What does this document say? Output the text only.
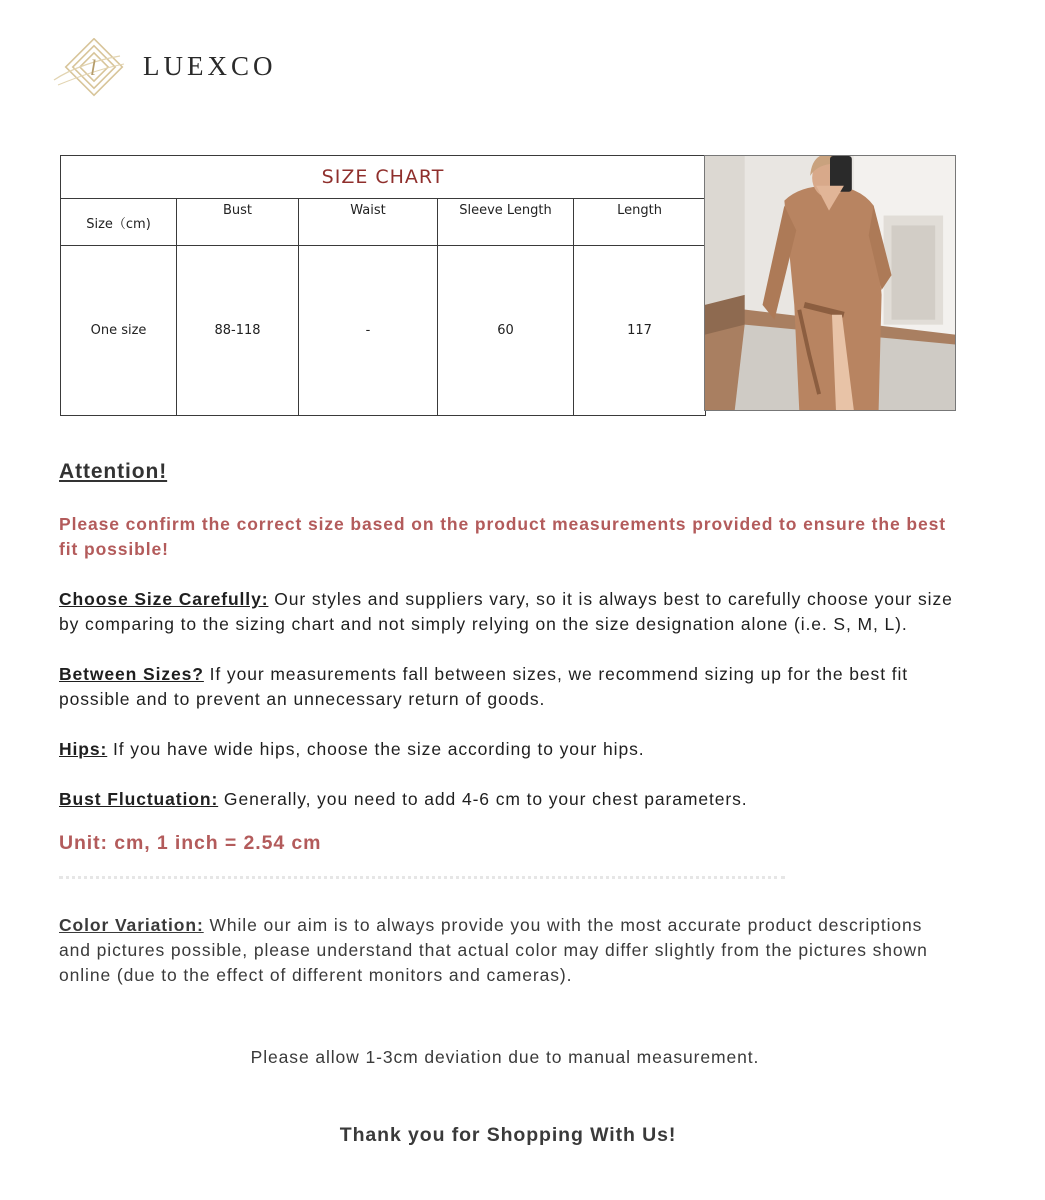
l LUEXCO
SIZE CHART				
Size（cm)	Bust	Waist	Sleeve Length	Length
One size	88-118	-	60	117

Attention!

Please confirm the correct size based on the product measurements provided to ensure the best fit possible!

Choose Size Carefully: Our styles and suppliers vary, so it is always best to carefully choose your size by comparing to the sizing chart and not simply relying on the size designation alone (i.e. S, M, L).

Between Sizes? If your measurements fall between sizes, we recommend sizing up for the best fit possible and to prevent an unnecessary return of goods.

Hips: If you have wide hips, choose the size according to your hips.

Bust Fluctuation: Generally, you need to add 4-6 cm to your chest parameters.

Unit: cm, 1 inch = 2.54 cm

Color Variation: While our aim is to always provide you with the most accurate product descriptions and pictures possible, please understand that actual color may differ slightly from the pictures shown online (due to the effect of different monitors and cameras).

Please allow 1-3cm deviation due to manual measurement.

Thank you for Shopping With Us!
